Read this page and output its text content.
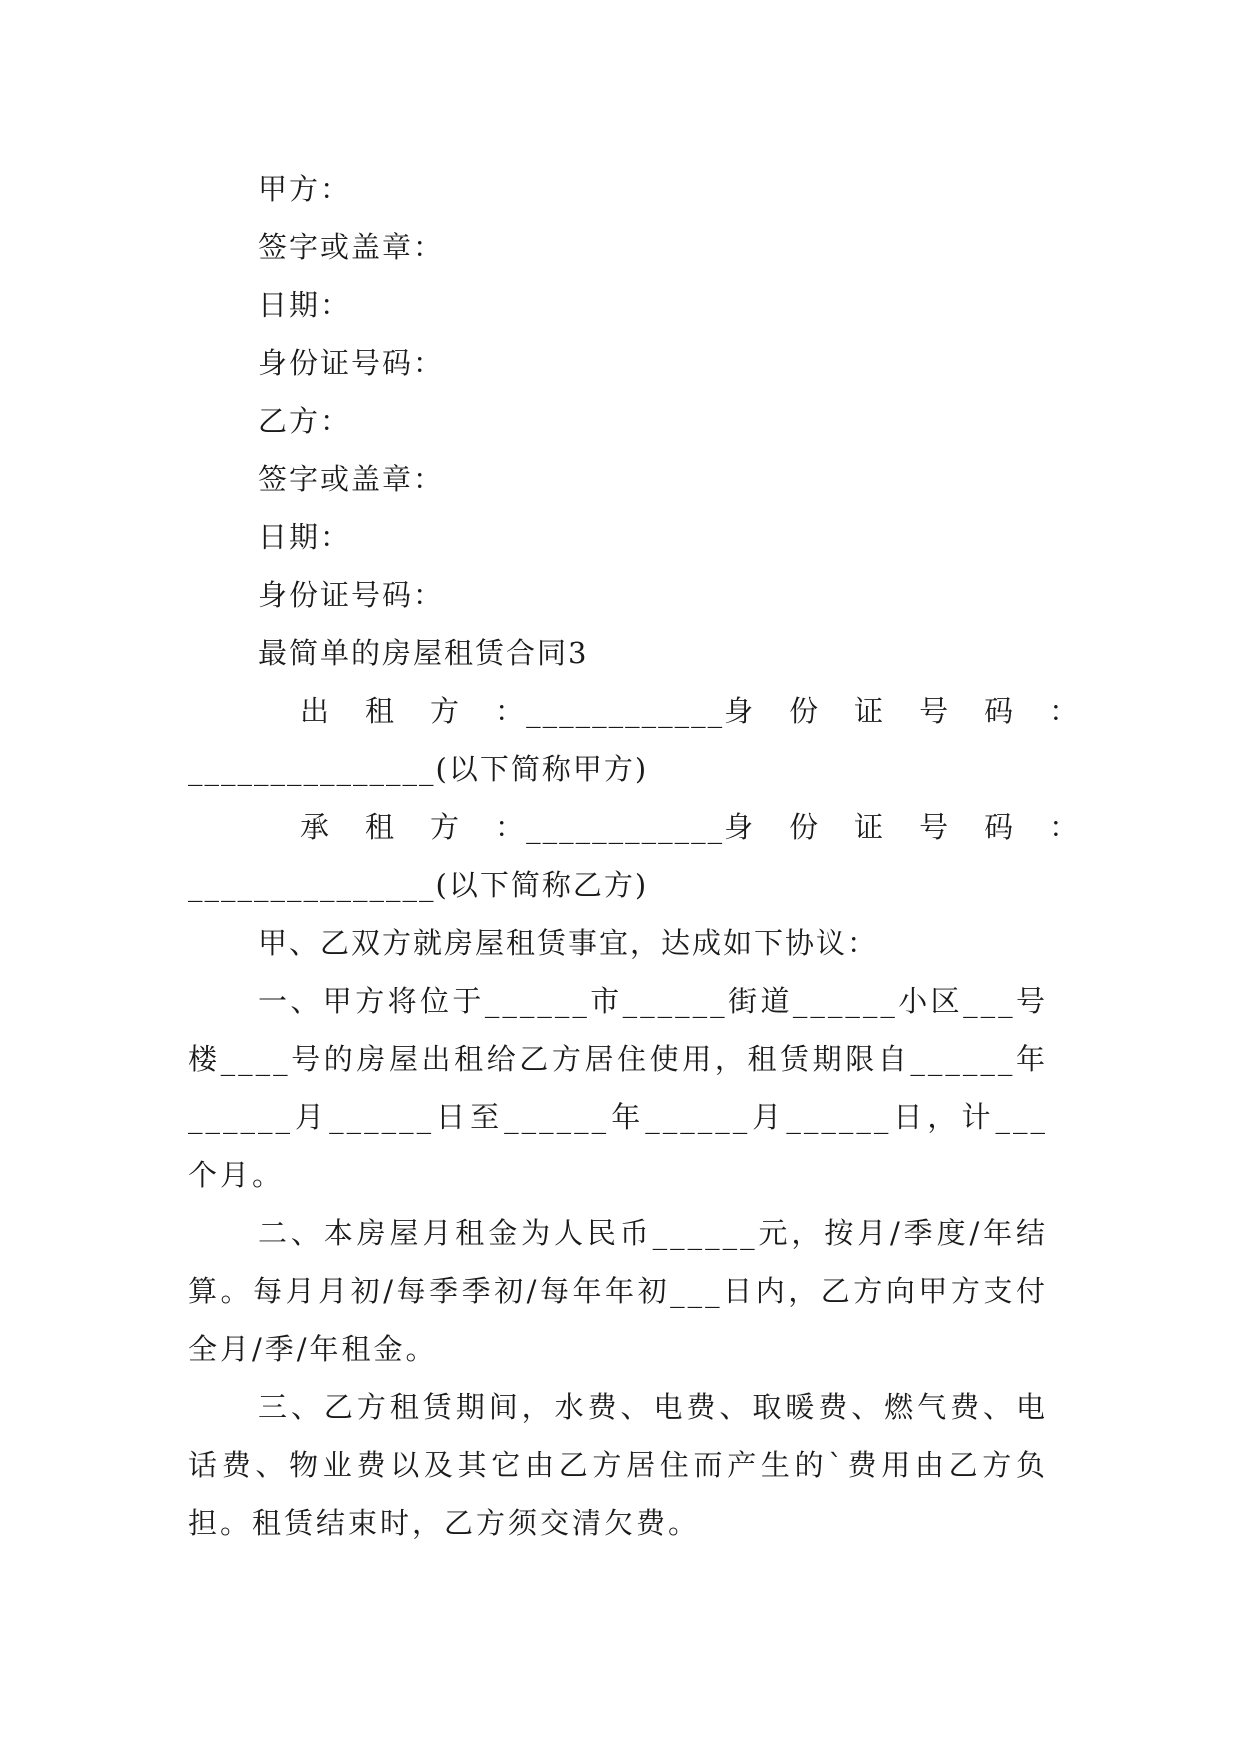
甲方：
签字或盖章：
日期：
身份证号码：
乙方：
签字或盖章：
日期：
身份证号码：
最简单的房屋租赁合同3
出 租 方 ： ____________ 身 份 证 号 码 ：
_______________(以下简称甲方)
承 租 方 ： ____________ 身 份 证 号 码 ：
_______________(以下简称乙方)
甲、乙双方就房屋租赁事宜，达成如下协议：

一、甲方将位于______市______街道______小区___号楼____号的房屋出租给乙方居住使用，租赁期限自______年______月______日至______年______月______日，计___个月。

二、本房屋月租金为人民币______元，按月/季度/年结算。每月月初/每季季初/每年年初___日内，乙方向甲方支付全月/季/年租金。

三、乙方租赁期间，水费、电费、取暖费、燃气费、电话费、物业费以及其它由乙方居住而产生的`费用由乙方负担。租赁结束时，乙方须交清欠费。
